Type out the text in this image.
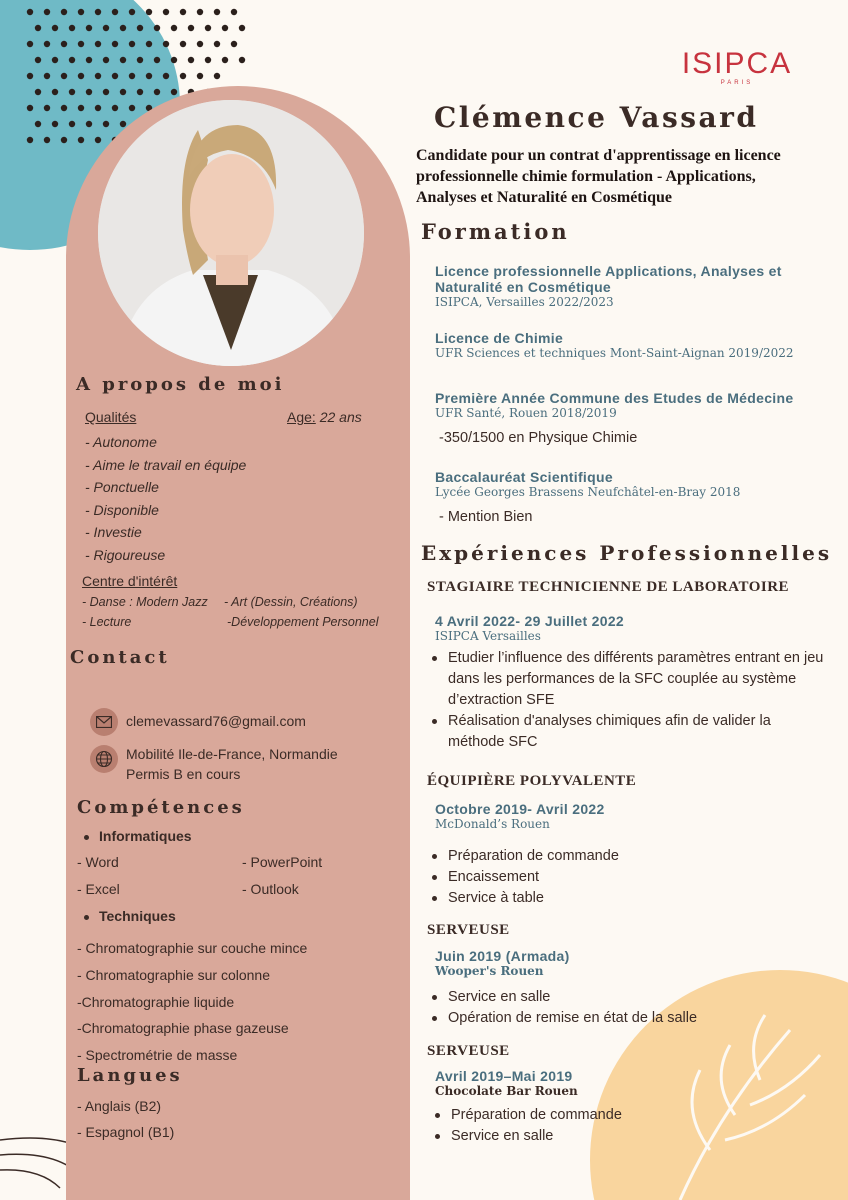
A propos de moi
Qualités	Age: 22 ans
- Autonome
- Aime le travail en équipe
- Ponctuelle
- Disponible
- Investie
- Rigoureuse
Centre d'intérêt
- Danse : Modern Jazz - Art (Dessin, Créations)
- Lecture	-Développement Personnel
Contact
clemevassard76@gmail.com
Mobilité Ile-de-France, Normandie
Permis B en cours
Compétences
Informatiques
- Word	- PowerPoint
- Excel	- Outlook
Techniques
- Chromatographie sur couche mince
- Chromatographie sur colonne
-Chromatographie liquide
-Chromatographie phase gazeuse
- Spectrométrie de masse
Langues
- Anglais (B2)
- Espagnol (B1)
ISIPCA
PARIS
Clémence Vassard
Candidate pour un contrat d'apprentissage en licence professionnelle chimie formulation - Applications, Analyses et Naturalité en Cosmétique
Formation
Licence professionnelle Applications, Analyses et Naturalité en Cosmétique
ISIPCA, Versailles 2022/2023
Licence de Chimie
UFR Sciences et techniques Mont-Saint-Aignan 2019/2022
Première Année Commune des Etudes de Médecine
UFR Santé, Rouen 2018/2019
-350/1500 en Physique Chimie
Baccalauréat Scientifique
Lycée Georges Brassens Neufchâtel-en-Bray 2018
- Mention Bien
Expériences Professionnelles
STAGIAIRE TECHNICIENNE DE LABORATOIRE
4 Avril 2022- 29 Juillet 2022
ISIPCA Versailles
Etudier l’influence des différents paramètres entrant en jeu dans les performances de la SFC couplée au système d’extraction SFE
Réalisation d'analyses chimiques afin de valider la méthode SFC
ÉQUIPIÈRE POLYVALENTE
Octobre 2019- Avril 2022
McDonald’s Rouen
Préparation de commande
Encaissement
Service à table
SERVEUSE
Juin 2019 (Armada)
Wooper's Rouen
Service en salle
Opération de remise en état de la salle
SERVEUSE
Avril 2019–Mai 2019
Chocolate Bar Rouen
Préparation de commande
Service en salle
